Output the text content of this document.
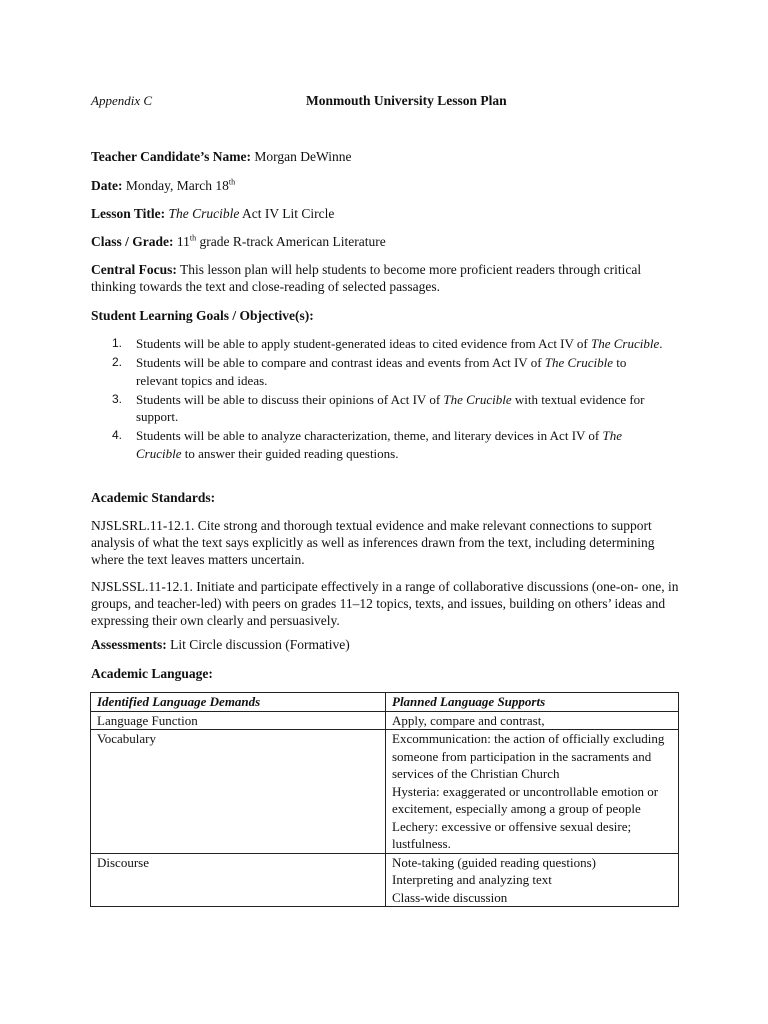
Appendix C	Monmouth University Lesson Plan
Teacher Candidate’s Name: Morgan DeWinne
Date: Monday, March 18th
Lesson Title: The Crucible Act IV Lit Circle
Class / Grade: 11th grade R-track American Literature
Central Focus: This lesson plan will help students to become more proficient readers through critical thinking towards the text and close-reading of selected passages.
Student Learning Goals / Objective(s):
1. Students will be able to apply student-generated ideas to cited evidence from Act IV of The Crucible.
2. Students will be able to compare and contrast ideas and events from Act IV of The Crucible to relevant topics and ideas.
3. Students will be able to discuss their opinions of Act IV of The Crucible with textual evidence for support.
4. Students will be able to analyze characterization, theme, and literary devices in Act IV of The Crucible to answer their guided reading questions.
Academic Standards:
NJSLSRL.11-12.1. Cite strong and thorough textual evidence and make relevant connections to support analysis of what the text says explicitly as well as inferences drawn from the text, including determining where the text leaves matters uncertain.
NJSLSSL.11-12.1. Initiate and participate effectively in a range of collaborative discussions (one-on- one, in groups, and teacher-led) with peers on grades 11–12 topics, texts, and issues, building on others’ ideas and expressing their own clearly and persuasively.
Assessments: Lit Circle discussion (Formative)
Academic Language:
Identified Language Demands	Planned Language Supports
Language Function	Apply, compare and contrast,

Vocabulary	Excommunication: the action of officially excluding someone from participation in the sacraments and services of the Christian Church
Hysteria: exaggerated or uncontrollable emotion or excitement, especially among a group of people
Lechery: excessive or offensive sexual desire; lustfulness.

Discourse	Note-taking (guided reading questions)
Interpreting and analyzing text
Class-wide discussion
